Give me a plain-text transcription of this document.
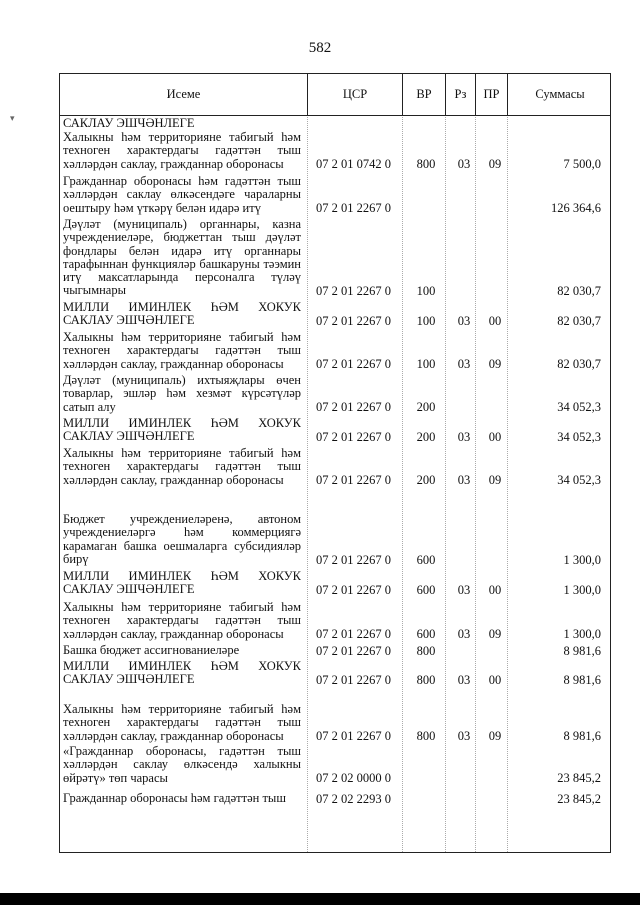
582
▾
Исеме	ЦСР	ВР	Рз	ПР	Суммасы
САКЛАУ ЭШЧӘНЛЕГЕ
Халыкны һәм территорияне табигый һәм техноген характердагы гадәттән тыш хәлләрдән саклау, гражданнар оборонасы	07 2 01 0742 0 800	03	09	7 500,0
Гражданнар оборонасы һәм гадәттән тыш хәлләрдән саклау өлкәсендәге чараларны оештыру һәм үткәрү белән идарә итү	07 2 01 2267 0	126 364,6
Дәүләт (муниципаль) органнары, казна учреждениеләре, бюджеттан тыш дәүләт фондлары белән идарә итү органнары тарафыннан функцияләр башкаруны тәэмин итү максатларында персоналга түләү чыгымнары	07 2 01 2267 0 100	82 030,7
МИЛЛИ ИМИНЛЕК ҺӘМ ХОКУК САКЛАУ ЭШЧӘНЛЕГЕ	07 2 01 2267 0 100	03	00	82 030,7
Халыкны һәм территорияне табигый һәм техноген характердагы гадәттән тыш хәлләрдән саклау, гражданнар оборонасы	07 2 01 2267 0 100	03	09	82 030,7
Дәүләт (муниципаль) ихтыяҗлары өчен товарлар, эшләр һәм хезмәт күрсәтүләр сатып алу	07 2 01 2267 0 200	34 052,3
МИЛЛИ ИМИНЛЕК ҺӘМ ХОКУК САКЛАУ ЭШЧӘНЛЕГЕ	07 2 01 2267 0 200	03	00	34 052,3
Халыкны һәм территорияне табигый һәм техноген характердагы гадәттән тыш хәлләрдән саклау, гражданнар оборонасы	07 2 01 2267 0 200	03	09	34 052,3
Бюджет учреждениеләренә, автоном учреждениеләргә һәм коммерциягә карамаган башка оешмаларга субсидияләр бирү	07 2 01 2267 0 600	1 300,0
МИЛЛИ ИМИНЛЕК ҺӘМ ХОКУК САКЛАУ ЭШЧӘНЛЕГЕ	07 2 01 2267 0 600	03	00	1 300,0
Халыкны һәм территорияне табигый һәм техноген характердагы гадәттән тыш хәлләрдән саклау, гражданнар оборонасы	07 2 01 2267 0 600	03	09	1 300,0
Башка бюджет ассигнованиеләре	07 2 01 2267 0 800	8 981,6
МИЛЛИ ИМИНЛЕК ҺӘМ ХОКУК САКЛАУ ЭШЧӘНЛЕГЕ	07 2 01 2267 0 800	03	00	8 981,6
Халыкны һәм территорияне табигый һәм техноген характердагы гадәттән тыш хәлләрдән саклау, гражданнар оборонасы	07 2 01 2267 0 800	03	09	8 981,6
«Гражданнар оборонасы, гадәттән тыш хәлләрдән саклау өлкәсендә халыкны өйрәтү» төп чарасы	07 2 02 0000 0	23 845,2
Гражданнар оборонасы һәм гадәттән тыш	07 2 02 2293 0	23 845,2
